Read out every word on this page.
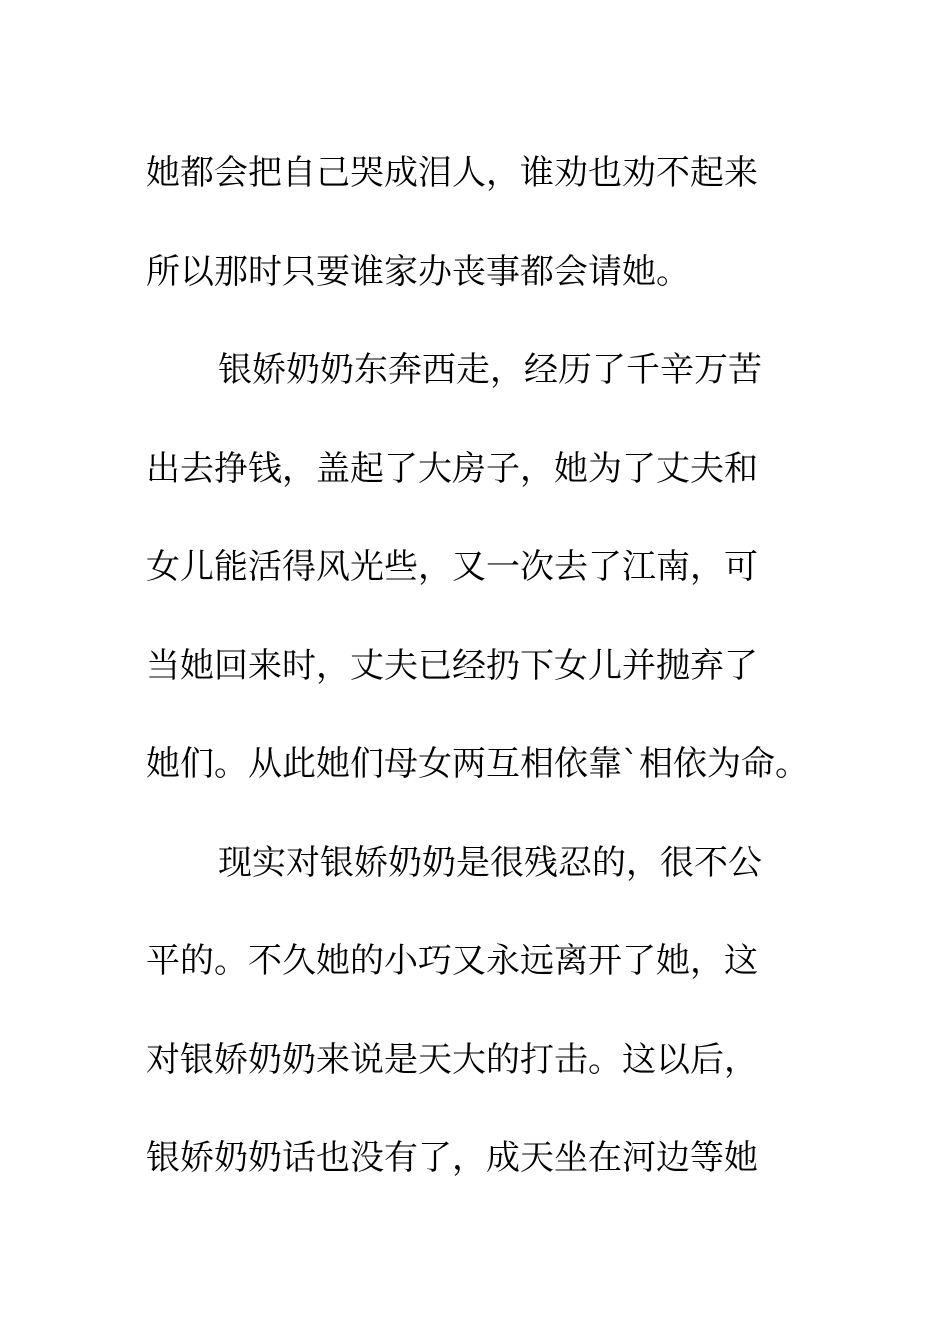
她都会把自己哭成泪人，谁劝也劝不起来
所以那时只要谁家办丧事都会请她。
银娇奶奶东奔西走，经历了千辛万苦
出去挣钱，盖起了大房子，她为了丈夫和
女儿能活得风光些，又一次去了江南，可
当她回来时，丈夫已经扔下女儿并抛弃了
她们。从此她们母女两互相依靠`相依为命。
现实对银娇奶奶是很残忍的，很不公
平的。不久她的小巧又永远离开了她，这
对银娇奶奶来说是天大的打击。这以后，
银娇奶奶话也没有了，成天坐在河边等她
